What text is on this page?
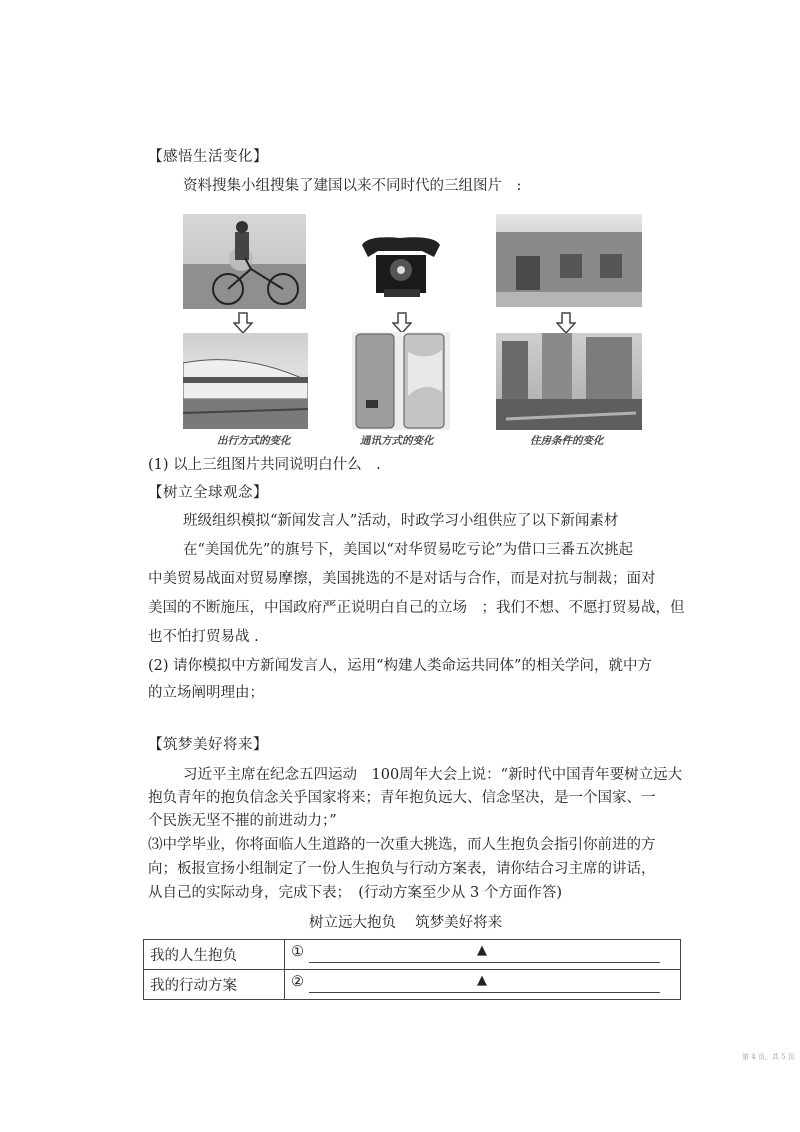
【感悟生活变化】
资料搜集小组搜集了建国以来不同时代的三组图片　:
出行方式的变化	通讯方式的变化	住房条件的变化
(1) 以上三组图片共同说明白什么　.
【树立全球观念】
班级组织模拟“新闻发言人”活动，时政学习小组供应了以下新闻素材
在“美国优先”的旗号下，美国以“对华贸易吃亏论”为借口三番五次挑起
中美贸易战面对贸易摩擦，美国挑选的不是对话与合作，而是对抗与制裁；面对
美国的不断施压，中国政府严正说明白自己的立场　；我们不想、不愿打贸易战，但
也不怕打贸易战 .
(2) 请你模拟中方新闻发言人，运用“构建人类命运共同体”的相关学问，就中方
的立场阐明理由；
【筑梦美好将来】
习近平主席在纪念五四运动　100周年大会上说：“新时代中国青年要树立远大
抱负青年的抱负信念关乎国家将来；青年抱负远大、信念坚决，是一个国家、一
个民族无坚不摧的前进动力；”
⑶中学毕业，你将面临人生道路的一次重大挑选，而人生抱负会指引你前进的方
向；板报宣扬小组制定了一份人生抱负与行动方案表，请你结合习主席的讲话，
从自己的实际动身，完成下表；　(行动方案至少从 3 个方面作答)
树立远大抱负　 筑梦美好将来
我的人生抱负	① ▲

我的行动方案	② ▲
第 4 页，共 5 页
